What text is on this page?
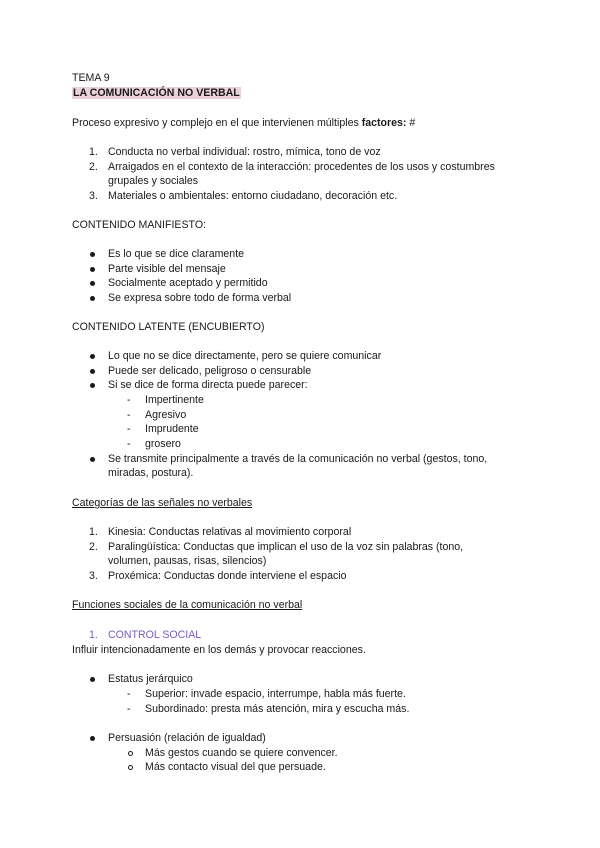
TEMA 9
LA COMUNICACIÓN NO VERBAL
Proceso expresivo y complejo en el que intervienen múltiples factores: #
1. Conducta no verbal individual: rostro, mímica, tono de voz
2. Arraigados en el contexto de la interacción: procedentes de los usos y costumbres
grupales y sociales
3. Materiales o ambientales: entorno ciudadano, decoración etc.
CONTENIDO MANIFIESTO:
Es lo que se dice claramente
Parte visible del mensaje
Socialmente aceptado y permitido
Se expresa sobre todo de forma verbal
CONTENIDO LATENTE (ENCUBIERTO)
Lo que no se dice directamente, pero se quiere comunicar
Puede ser delicado, peligroso o censurable
Si se dice de forma directa puede parecer:
- Impertinente
- Agresivo
- Imprudente
- grosero
Se transmite principalmente a través de la comunicación no verbal (gestos, tono,
miradas, postura).
Categorías de las señales no verbales
1. Kinesia: Conductas relativas al movimiento corporal
2. Paralingüística: Conductas que implican el uso de la voz sin palabras (tono,
volumen, pausas, risas, silencios)
3. Proxémica: Conductas donde interviene el espacio
Funciones sociales de la comunicación no verbal
1. CONTROL SOCIAL
Influir intencionadamente en los demás y provocar reacciones.
Estatus jerárquico
- Superior: invade espacio, interrumpe, habla más fuerte.
- Subordinado: presta más atención, mira y escucha más.
Persuasión (relación de igualdad)
Más gestos cuando se quiere convencer.
Más contacto visual del que persuade.
